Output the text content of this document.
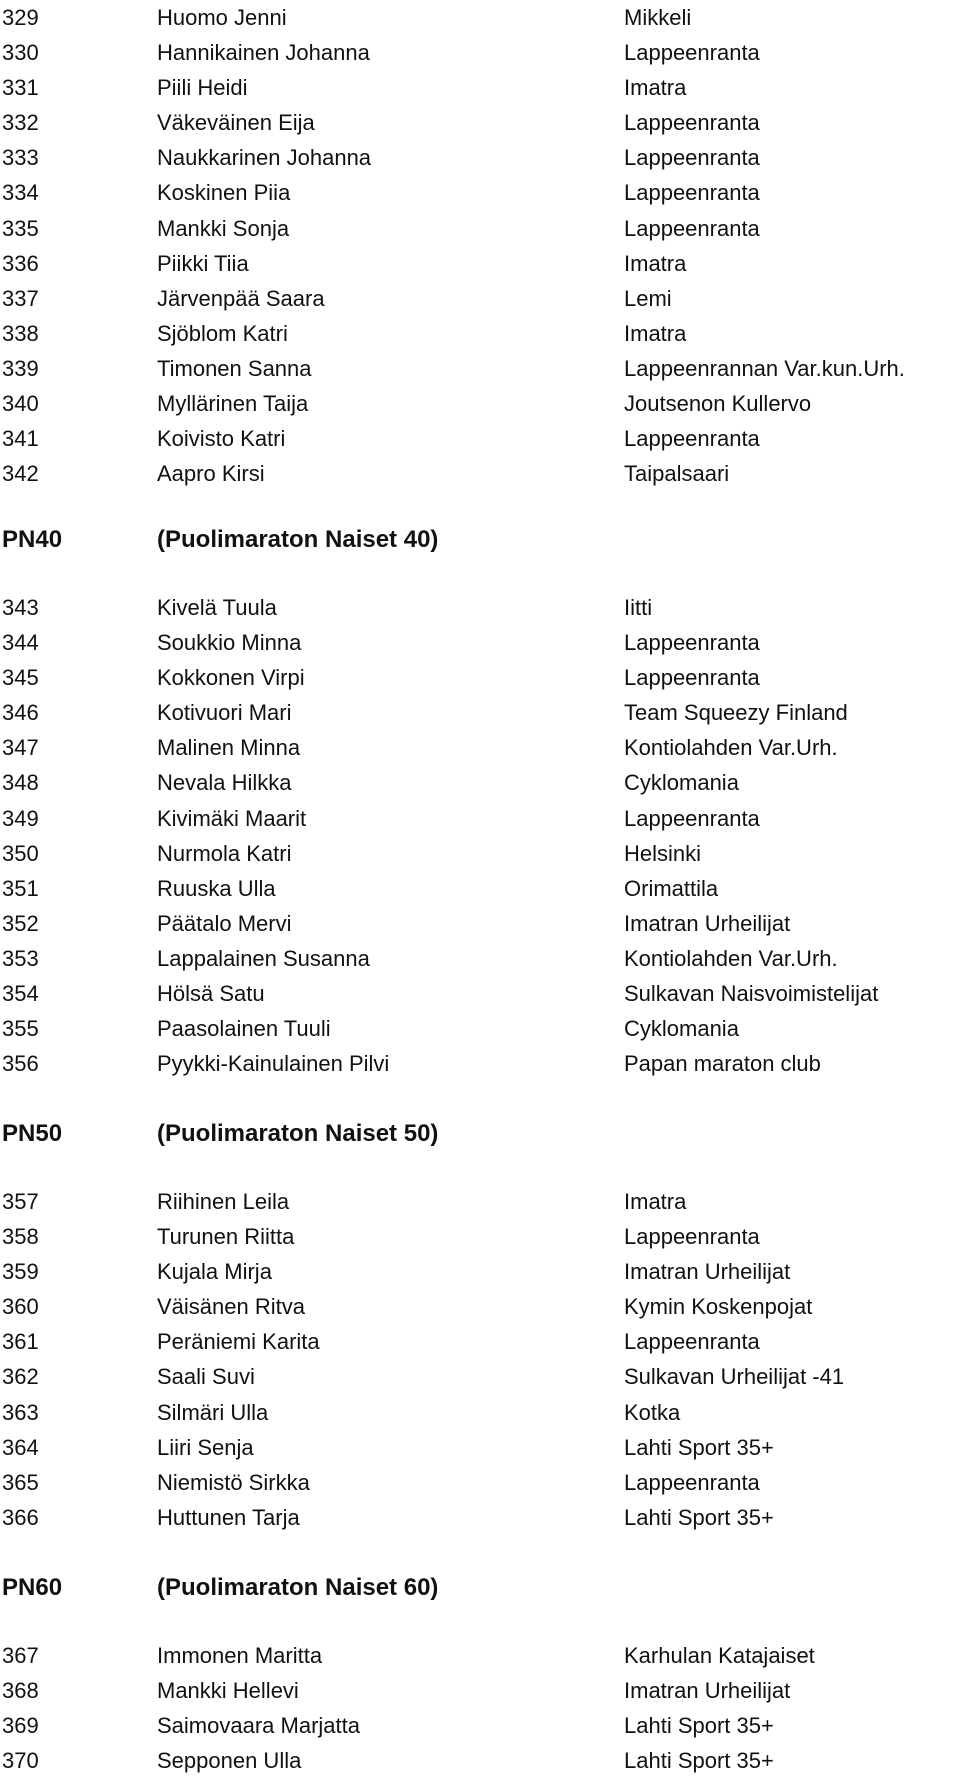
329	Huomo Jenni	Mikkeli
330	Hannikainen Johanna	Lappeenranta
331	Piili Heidi	Imatra
332	Väkeväinen Eija	Lappeenranta
333	Naukkarinen Johanna	Lappeenranta
334	Koskinen Piia	Lappeenranta
335	Mankki Sonja	Lappeenranta
336	Piikki Tiia	Imatra
337	Järvenpää Saara	Lemi
338	Sjöblom Katri	Imatra
339	Timonen Sanna	Lappeenrannan Var.kun.Urh.
340	Myllärinen Taija	Joutsenon Kullervo
341	Koivisto Katri	Lappeenranta
342	Aapro Kirsi	Taipalsaari
PN40	(Puolimaraton Naiset 40)
343	Kivelä Tuula	Iitti
344	Soukkio Minna	Lappeenranta
345	Kokkonen Virpi	Lappeenranta
346	Kotivuori Mari	Team Squeezy Finland
347	Malinen Minna	Kontiolahden Var.Urh.
348	Nevala Hilkka	Cyklomania
349	Kivimäki Maarit	Lappeenranta
350	Nurmola Katri	Helsinki
351	Ruuska Ulla	Orimattila
352	Päätalo Mervi	Imatran Urheilijat
353	Lappalainen Susanna	Kontiolahden Var.Urh.
354	Hölsä Satu	Sulkavan Naisvoimistelijat
355	Paasolainen Tuuli	Cyklomania
356	Pyykki-Kainulainen Pilvi	Papan maraton club
PN50	(Puolimaraton Naiset 50)
357	Riihinen Leila	Imatra
358	Turunen Riitta	Lappeenranta
359	Kujala Mirja	Imatran Urheilijat
360	Väisänen Ritva	Kymin Koskenpojat
361	Peräniemi Karita	Lappeenranta
362	Saali Suvi	Sulkavan Urheilijat -41
363	Silmäri Ulla	Kotka
364	Liiri Senja	Lahti Sport 35+
365	Niemistö Sirkka	Lappeenranta
366	Huttunen Tarja	Lahti Sport 35+
PN60	(Puolimaraton Naiset 60)
367	Immonen Maritta	Karhulan Katajaiset
368	Mankki Hellevi	Imatran Urheilijat
369	Saimovaara Marjatta	Lahti Sport 35+
370	Sepponen Ulla	Lahti Sport 35+
